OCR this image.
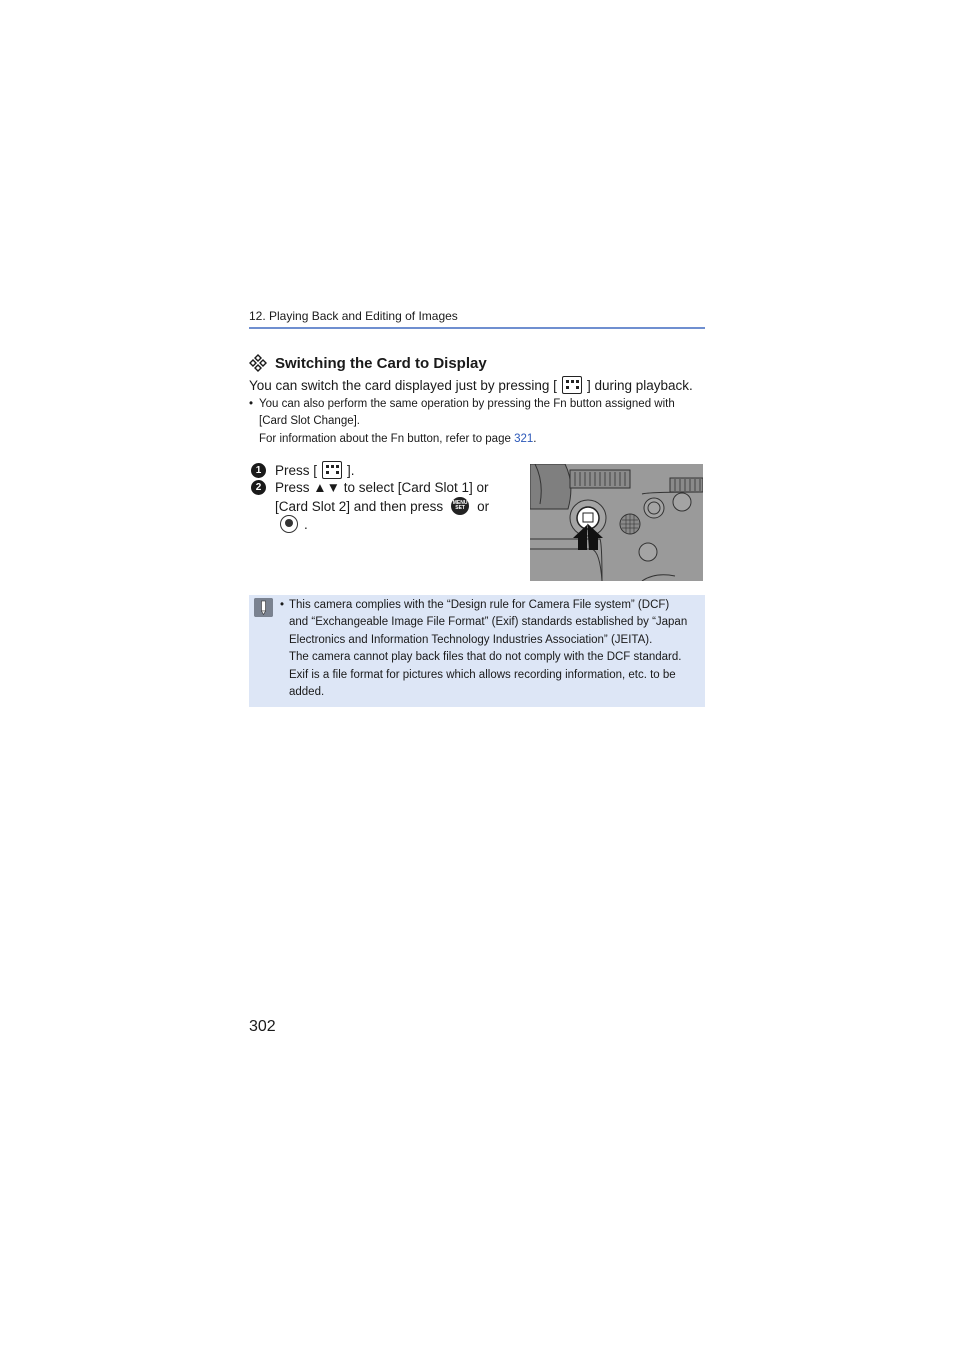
12. Playing Back and Editing of Images
Switching the Card to Display
You can switch the card displayed just by pressing [ ] during playback.
• You can also perform the same operation by pressing the Fn button assigned with
[Card Slot Change].
For information about the Fn button, refer to page 321.
1	Press [ ].
2	Press ▲▼ to select [Card Slot 1] or
[Card Slot 2] and then press MENU
SET or
.
• This camera complies with the “Design rule for Camera File system” (DCF)
and “Exchangeable Image File Format” (Exif) standards established by “Japan
Electronics and Information Technology Industries Association” (JEITA).
The camera cannot play back files that do not comply with the DCF standard.
Exif is a file format for pictures which allows recording information, etc. to be
added.
302
